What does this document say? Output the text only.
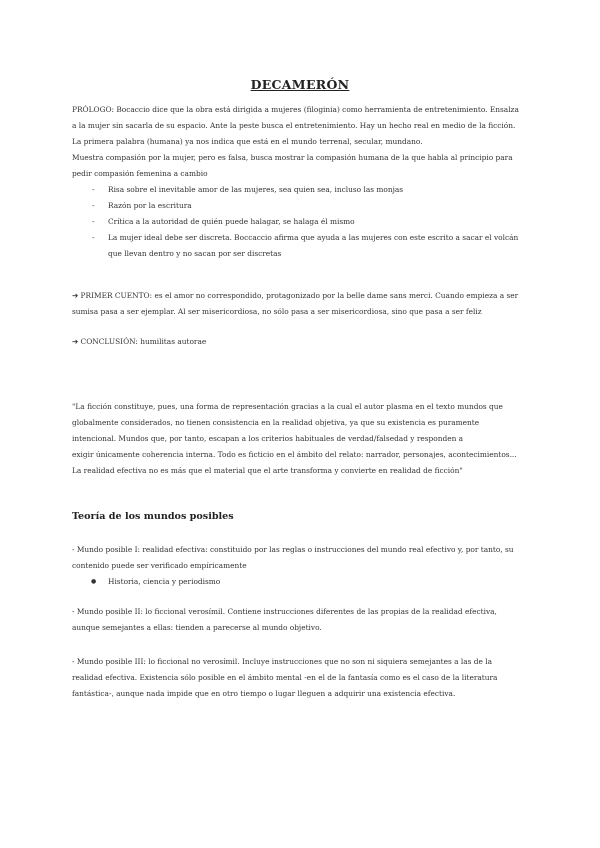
DECAMERÓN

PRÓLOGO: Bocaccio dice que la obra está dirigida a mujeres (filoginia) como herramienta de entretenimiento. Ensalza

a la mujer sin sacarla de su espacio. Ante la peste busca el entretenimiento. Hay un hecho real en medio de la ficción.

La primera palabra (humana) ya nos indica que está en el mundo terrenal, secular, mundano.

Muestra compasión por la mujer, pero es falsa, busca mostrar la compasión humana de la que habla al principio para

pedir compasión femenina a cambio

- Risa sobre el inevitable amor de las mujeres, sea quien sea, incluso las monjas
- Razón por la escritura
- Crítica a la autoridad de quién puede halagar, se halaga él mismo
- La mujer ideal debe ser discreta. Boccaccio afirma que ayuda a las mujeres con este escrito a sacar el volcán
que llevan dentro y no sacan por ser discretas

➔ PRIMER CUENTO: es el amor no correspondido, protagonizado por la belle dame sans merci. Cuando empieza a ser

sumisa pasa a ser ejemplar. Al ser misericordiosa, no sólo pasa a ser misericordiosa, sino que pasa a ser feliz

➔ CONCLUSIÓN: humilitas autorae

"La ficción constituye, pues, una forma de representación gracias a la cual el autor plasma en el texto mundos que

globalmente considerados, no tienen consistencia en la realidad objetiva, ya que su existencia es puramente

intencional. Mundos que, por tanto, escapan a los criterios habituales de verdad/falsedad y responden a

exigir únicamente coherencia interna. Todo es ficticio en el ámbito del relato: narrador, personajes, acontecimientos...

La realidad efectiva no es más que el material que el arte transforma y convierte en realidad de ficción"

Teoría de los mundos posibles

- Mundo posible I: realidad efectiva: constituido por las reglas o instrucciones del mundo real efectivo y, por tanto, su

contenido puede ser verificado empíricamente

● Historia, ciencia y periodismo

- Mundo posible II: lo ficcional verosímil. Contiene instrucciones diferentes de las propias de la realidad efectiva,

aunque semejantes a ellas: tienden a parecerse al mundo objetivo.

- Mundo posible III: lo ficcional no verosímil. Incluye instrucciones que no son ni siquiera semejantes a las de la

realidad efectiva. Existencia sólo posible en el ámbito mental -en el de la fantasía como es el caso de la literatura

fantástica-, aunque nada impide que en otro tiempo o lugar lleguen a adquirir una existencia efectiva.
